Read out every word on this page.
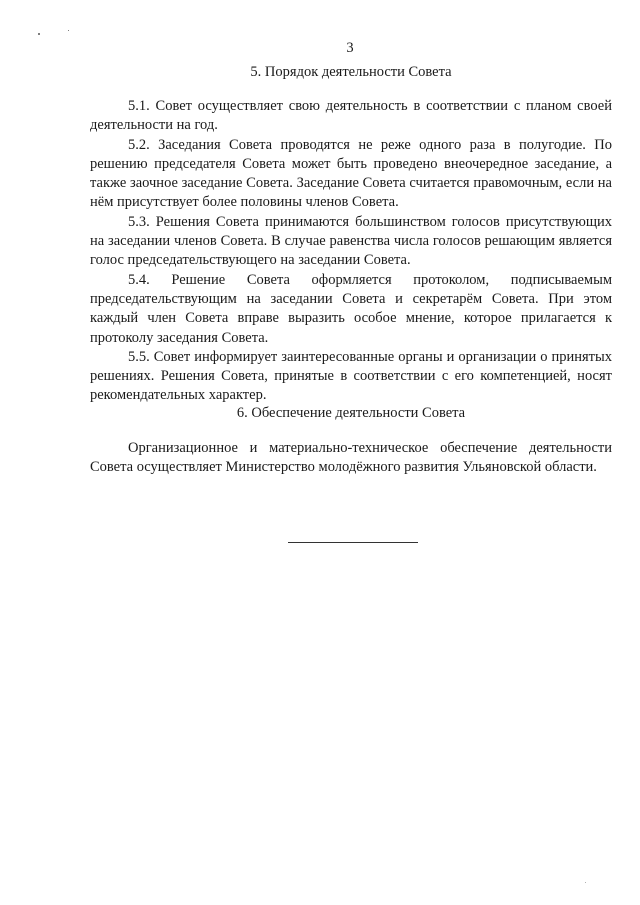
3
5. Порядок деятельности Совета

5.1. Совет осуществляет свою деятельность в соответствии с планом своей деятельности на год.

5.2. Заседания Совета проводятся не реже одного раза в полугодие. По решению председателя Совета может быть проведено внеочередное заседание, а также заочное заседание Совета. Заседание Совета считается правомочным, если на нём присутствует более половины членов Совета.

5.3. Решения Совета принимаются большинством голосов присутствующих на заседании членов Совета. В случае равенства числа голосов решающим является голос председательствующего на заседании Совета.

5.4. Решение Совета оформляется протоколом, подписываемым председательствующим на заседании Совета и секретарём Совета. При этом каждый член Совета вправе выразить особое мнение, которое прилагается к протоколу заседания Совета.

5.5. Совет информирует заинтересованные органы и организации о принятых решениях. Решения Совета, принятые в соответствии с его компетенцией, носят рекомендательных характер.

6. Обеспечение деятельности Совета

Организационное и материально-техническое обеспечение деятельности Совета осуществляет Министерство молодёжного развития Ульяновской области.
